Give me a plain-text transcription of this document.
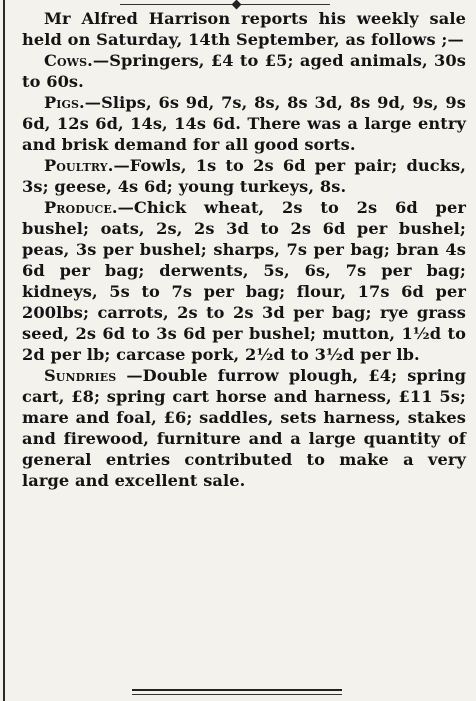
Mr Alfred Harrison reports his weekly sale held on Saturday, 14th September, as follows ;—

Cows.—Springers, £4 to £5; aged animals, 30s to 60s.

Pigs.—Slips, 6s 9d, 7s, 8s, 8s 3d, 8s 9d, 9s, 9s 6d, 12s 6d, 14s, 14s 6d. There was a large entry and brisk demand for all good sorts.

Poultry.—Fowls, 1s to 2s 6d per pair; ducks, 3s; geese, 4s 6d; young turkeys, 8s.

Produce.—Chick wheat, 2s to 2s 6d per bushel; oats, 2s, 2s 3d to 2s 6d per bushel; peas, 3s per bushel; sharps, 7s per bag; bran 4s 6d per bag; derwents, 5s, 6s, 7s per bag; kidneys, 5s to 7s per bag; flour, 17s 6d per 200lbs; carrots, 2s to 2s 3d per bag; rye grass seed, 2s 6d to 3s 6d per bushel; mutton, 1½d to 2d per lb; carcase pork, 2½d to 3½d per lb.

Sundries —Double furrow plough, £4; spring cart, £8; spring cart horse and harness, £11 5s; mare and foal, £6; saddles, sets harness, stakes and firewood, furniture and a large quantity of general entries contributed to make a very large and excellent sale.
